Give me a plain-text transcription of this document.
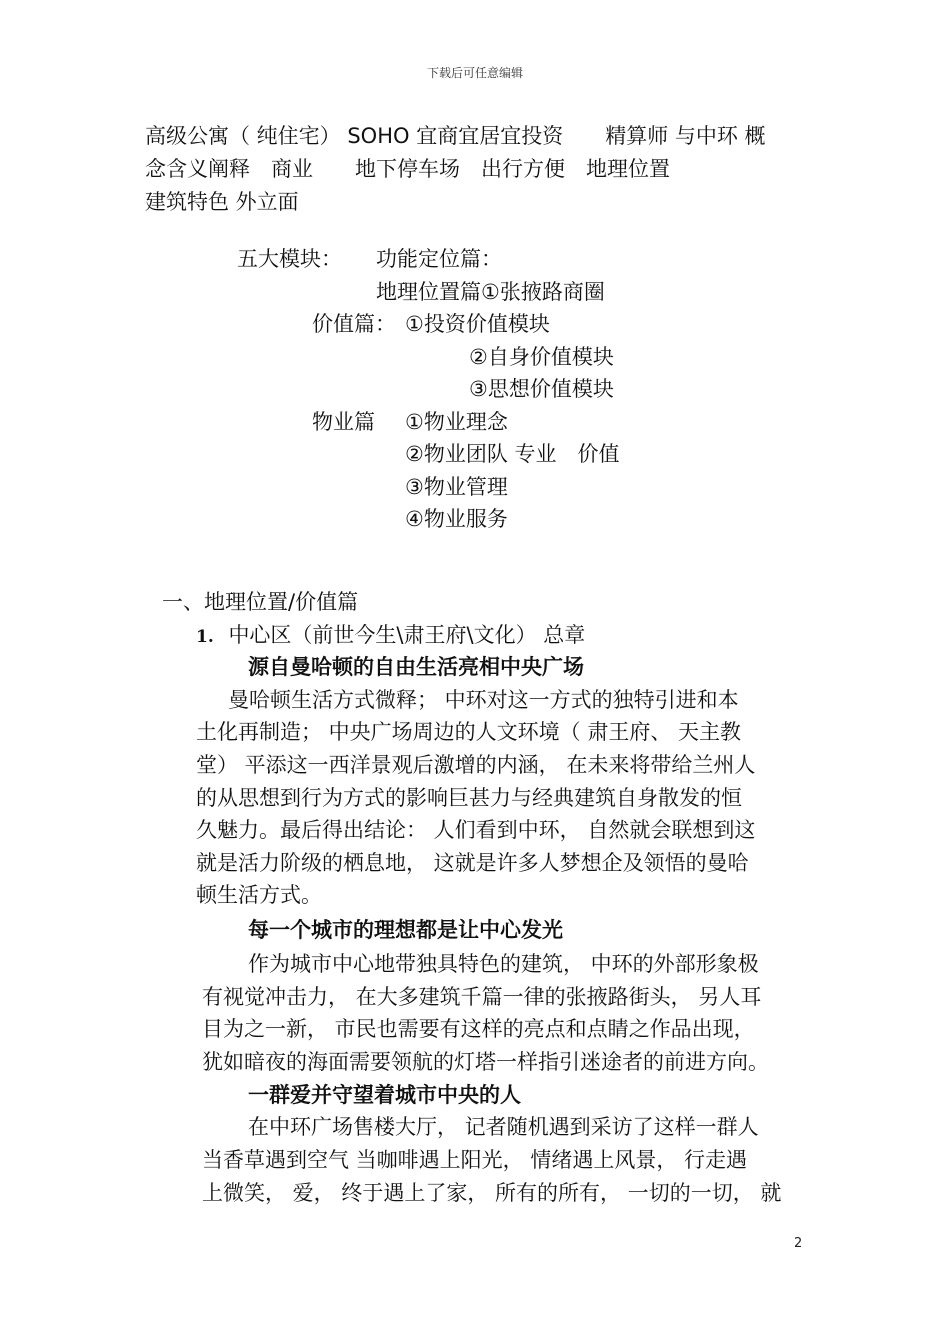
下载后可任意编辑
高级公寓（ 纯住宅） SOHO 宜商宜居宜投资　　精算师 与中环 概
念含义阐释　商业　　地下停车场　出行方便　地理位置
建筑特色 外立面
五大模块： 功能定位篇：
地理位置篇①张掖路商圈
价值篇： ①投资价值模块
②自身价值模块
③思想价值模块
物业篇 ①物业理念
②物业团队 专业　价值
③物业管理
④物业服务
一、地理位置/价值篇
1. 中心区（前世今生\肃王府\文化） 总章
源自曼哈顿的自由生活亮相中央广场
曼哈顿生活方式微释； 中环对这一方式的独特引进和本
土化再制造； 中央广场周边的人文环境（ 肃王府、 天主教
堂） 平添这一西洋景观后激增的内涵， 在未来将带给兰州人
的从思想到行为方式的影响巨甚力与经典建筑自身散发的恒
久魅力。最后得出结论： 人们看到中环， 自然就会联想到这
就是活力阶级的栖息地， 这就是许多人梦想企及领悟的曼哈
顿生活方式。
每一个城市的理想都是让中心发光
作为城市中心地带独具特色的建筑， 中环的外部形象极
有视觉冲击力， 在大多建筑千篇一律的张掖路街头， 另人耳
目为之一新， 市民也需要有这样的亮点和点睛之作品出现，
犹如暗夜的海面需要领航的灯塔一样指引迷途者的前进方向。
一群爱并守望着城市中央的人
在中环广场售楼大厅， 记者随机遇到采访了这样一群人
当香草遇到空气 当咖啡遇上阳光， 情绪遇上风景， 行走遇
上微笑， 爱， 终于遇上了家， 所有的所有， 一切的一切， 就
2
